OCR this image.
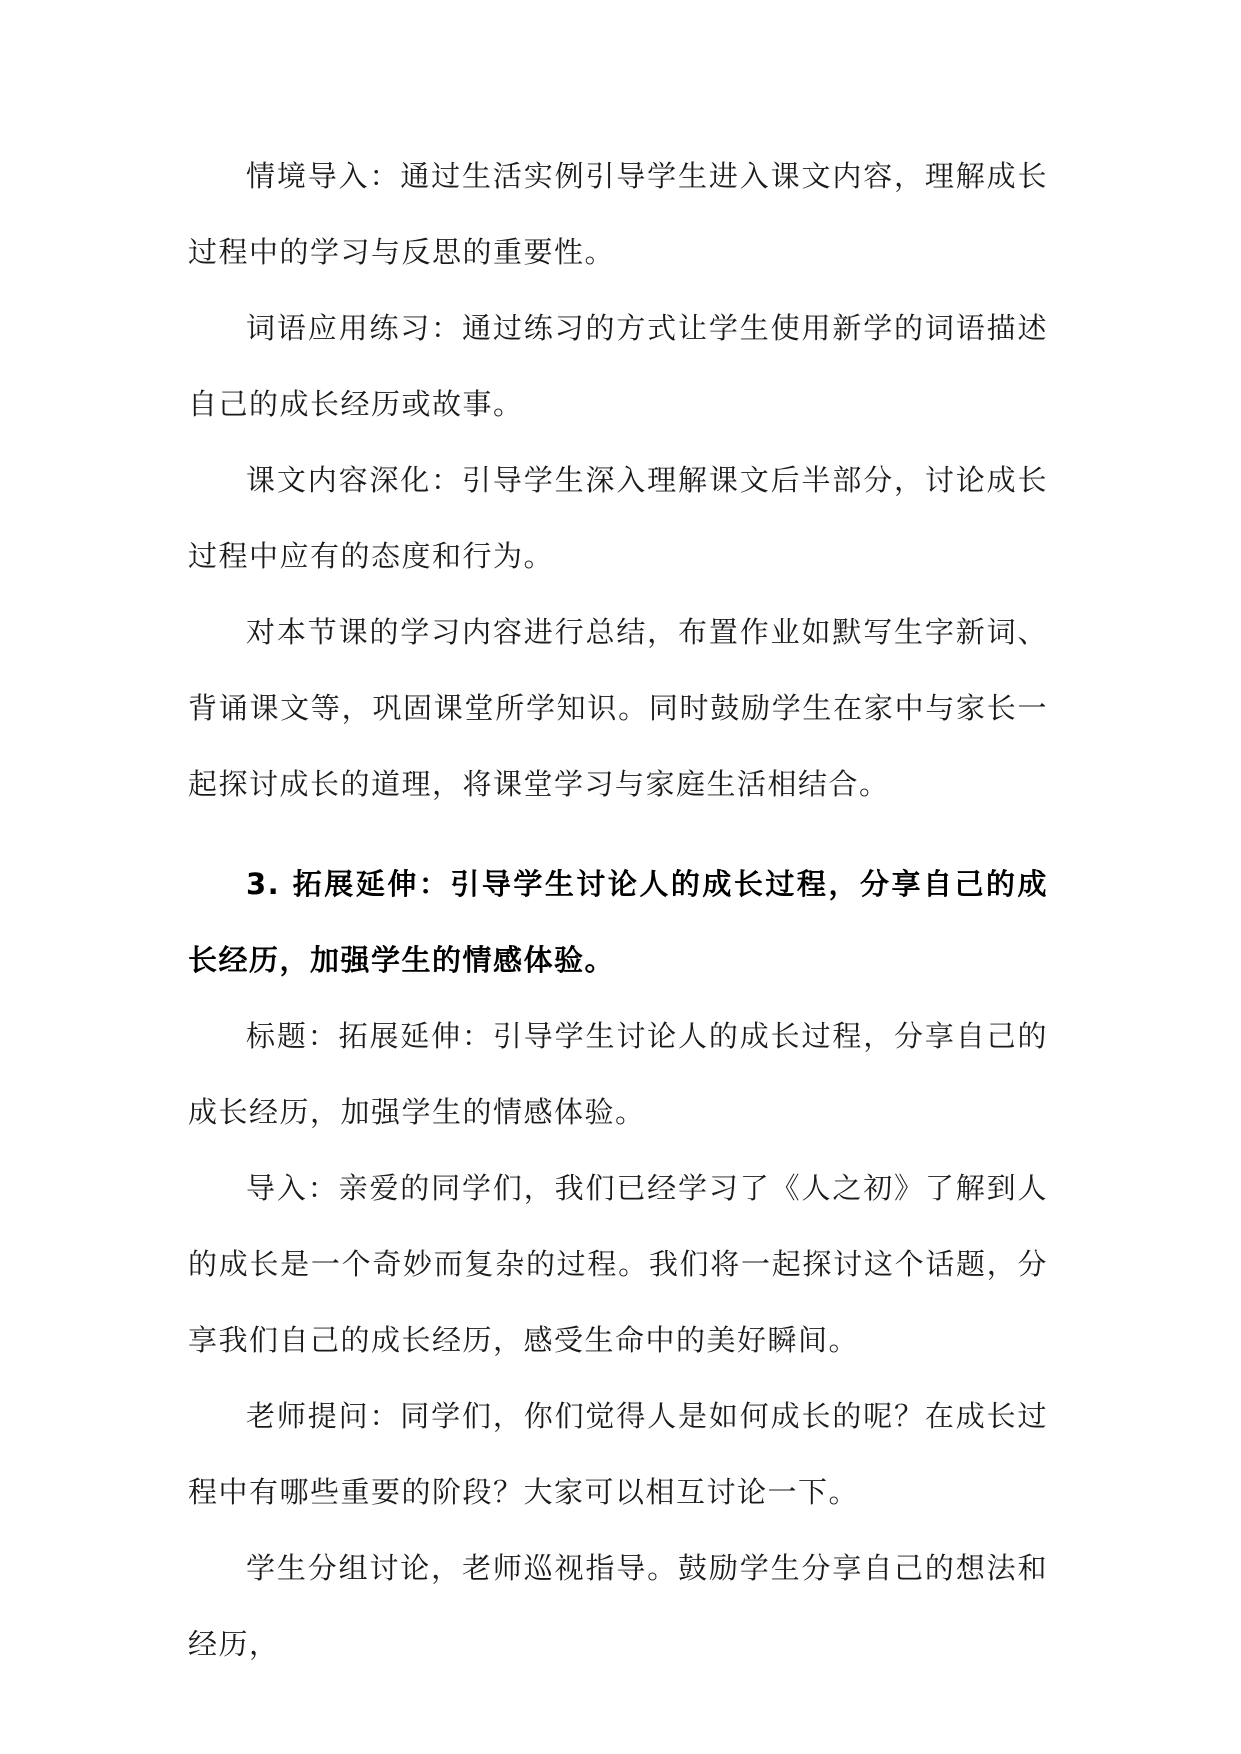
情境导入：通过生活实例引导学生进入课文内容，理解成长过程中的学习与反思的重要性。

词语应用练习：通过练习的方式让学生使用新学的词语描述自己的成长经历或故事。

课文内容深化：引导学生深入理解课文后半部分，讨论成长过程中应有的态度和行为。

对本节课的学习内容进行总结，布置作业如默写生字新词、背诵课文等，巩固课堂所学知识。同时鼓励学生在家中与家长一起探讨成长的道理，将课堂学习与家庭生活相结合。

3. 拓展延伸：引导学生讨论人的成长过程，分享自己的成长经历，加强学生的情感体验。

标题：拓展延伸：引导学生讨论人的成长过程，分享自己的成长经历，加强学生的情感体验。

导入：亲爱的同学们，我们已经学习了《人之初》了解到人的成长是一个奇妙而复杂的过程。我们将一起探讨这个话题，分享我们自己的成长经历，感受生命中的美好瞬间。

老师提问：同学们，你们觉得人是如何成长的呢？在成长过程中有哪些重要的阶段？大家可以相互讨论一下。

学生分组讨论，老师巡视指导。鼓励学生分享自己的想法和经历，
